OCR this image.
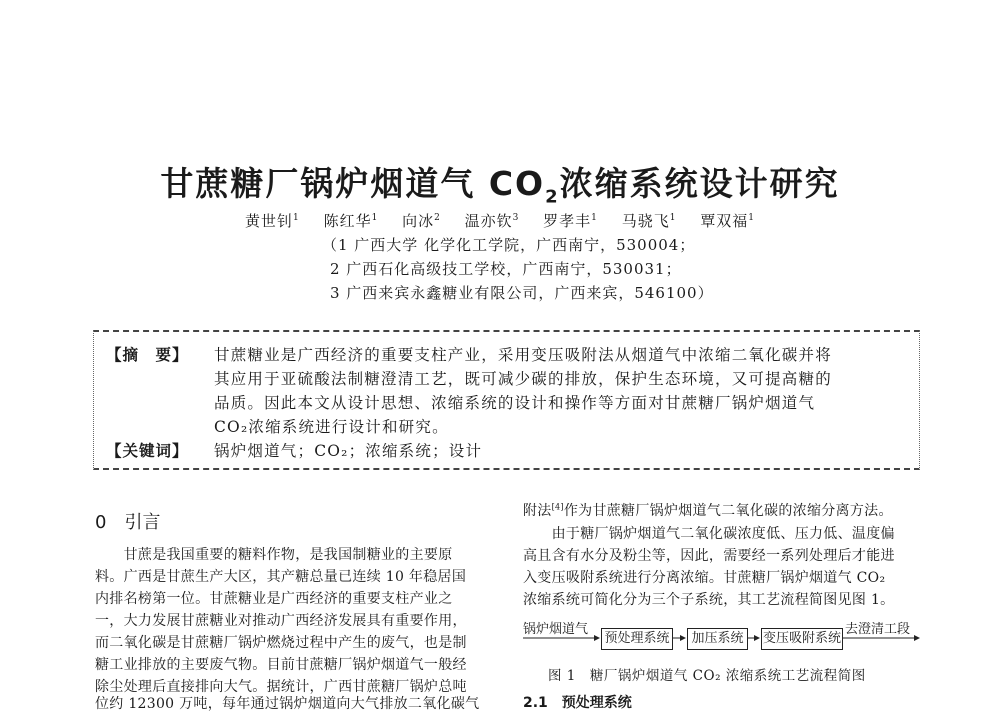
甘蔗糖厂锅炉烟道气 $CO_2$浓缩系统设计研究
黄世钊$^1$ 陈红华$^1$ 向冰$^2$ 温亦钦$^3$ 罗孝丰$^1$ 马骁飞$^1$ 覃双福$^1$
（1 广西大学 化学化工学院，广西南宁，530004；
2 广西石化高级技工学校，广西南宁，530031；
3 广西来宾永鑫糖业有限公司，广西来宾，546100）
【摘　要】 甘蔗糖业是广西经济的重要支柱产业，采用变压吸附法从烟道气中浓缩二氧化碳并将
其应用于亚硫酸法制糖澄清工艺，既可减少碳的排放，保护生态环境，又可提高糖的
品质。因此本文从设计思想、浓缩系统的设计和操作等方面对甘蔗糖厂锅炉烟道气
CO₂浓缩系统进行设计和研究。
【关键词】 锅炉烟道气；CO₂；浓缩系统；设计
0　引言
　　甘蔗是我国重要的糖料作物，是我国制糖业的主要原
料。广西是甘蔗生产大区，其产糖总量已连续 10 年稳居国
内排名榜第一位。甘蔗糖业是广西经济的重要支柱产业之
一，大力发展甘蔗糖业对推动广西经济发展具有重要作用，
而二氧化碳是甘蔗糖厂锅炉燃烧过程中产生的废气，也是制
糖工业排放的主要废气物。目前甘蔗糖厂锅炉烟道气一般经
除尘处理后直接排向大气。据统计，广西甘蔗糖厂锅炉总吨
位约 12300 万吨，每年通过锅炉烟道向大气排放二氧化碳气
附法[4]作为甘蔗糖厂锅炉烟道气二氧化碳的浓缩分离方法。
　　由于糖厂锅炉烟道气二氧化碳浓度低、压力低、温度偏
高且含有水分及粉尘等，因此，需要经一系列处理后才能进
入变压吸附系统进行分离浓缩。甘蔗糖厂锅炉烟道气 CO₂
浓缩系统可简化分为三个子系统，其工艺流程简图见图 1。
锅炉烟道气
预处理系统	加压系统	变压吸附系统
去澄清工段
图 1　糖厂锅炉烟道气 CO₂ 浓缩系统工艺流程简图
2.1　预处理系统
